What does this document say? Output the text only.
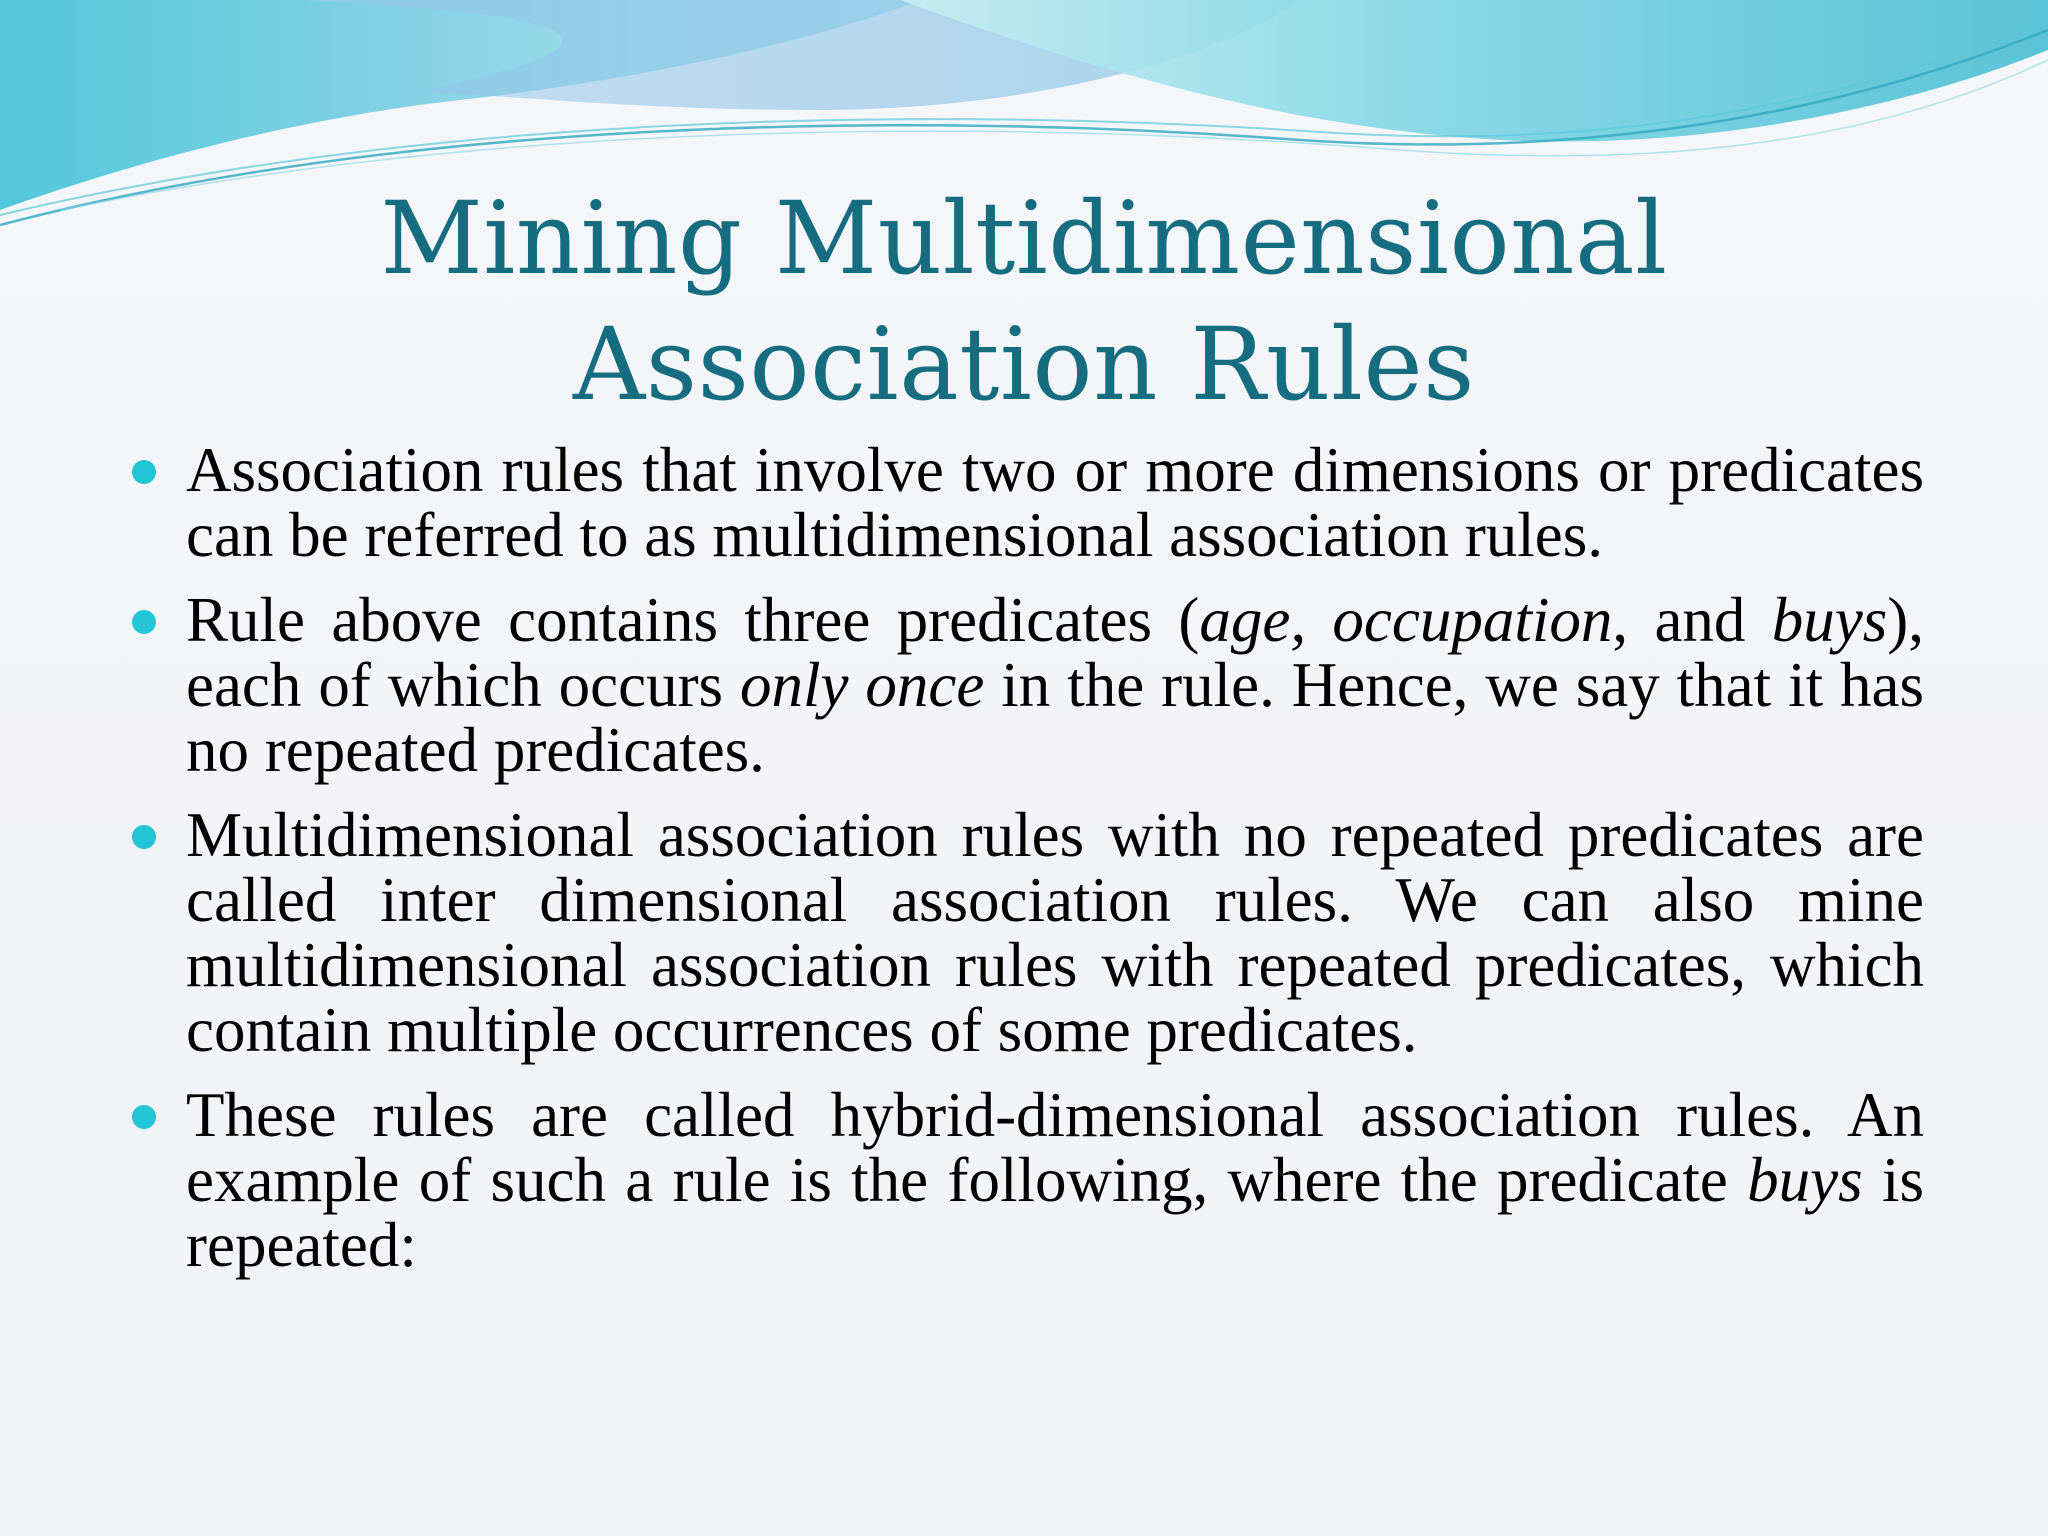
Mining Multidimensional
Association Rules
Association rules that involve two or more dimensions or predicates can be referred to as multidimensional association rules.
Rule above contains three predicates (age, occupation, and buys), each of which occurs only once in the rule. Hence, we say that it has no repeated predicates.
Multidimensional association rules with no repeated predicates are called inter dimensional association rules. We can also mine multidimensional association rules with repeated predicates, which contain multiple occurrences of some predicates.
These rules are called hybrid-dimensional association rules. An example of such a rule is the following, where the predicate buys is repeated:
